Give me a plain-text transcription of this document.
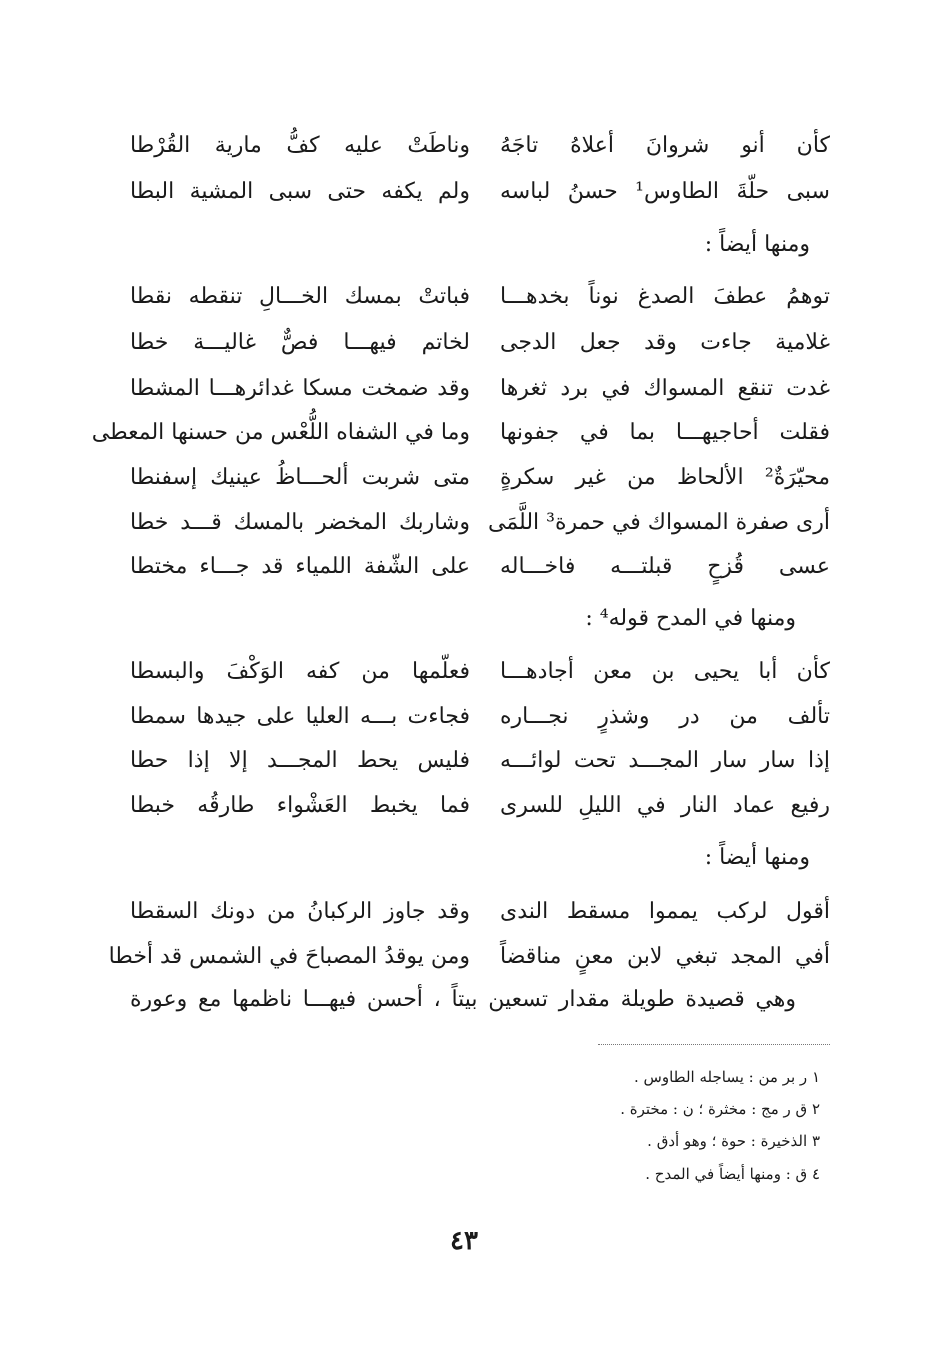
كأن أنو شروانَ أعلاهُ تاجَهُ
وناطَتْ عليه كفُّ مارية القُرْطا
سبى حلّةَ الطاوس¹ حسنُ لباسه
ولم يكفه حتى سبى المشية البطا
ومنها أيضاً :
توهمُ عطفَ الصدغ نوناً بخدهـــا
فباتتْ بمسك الخـــالِ تنقطه نقطا
غلامية جاءت وقد جعل الدجى
لخاتم فيهـــا فصٌّ غاليـــة خطا
غدت تنقع المسواك في برد ثغرها
وقد ضمخت مسكا غدائرهـــا المشطا
فقلت أحاجيهـــا بما في جفونها
وما في الشفاه اللُّعْس من حسنها المعطى
محيّرَةٌ² الألحاظ من غير سكرةٍ
متى شربت ألحـــاظُ عينيك إسفنطا
أرى صفرة المسواك في حمرة³ اللَّمَى
وشاربك المخضر بالمسك قـــد خطا
عسى قُزحٍ قبلتـــه فاخـــاله
على الشّفة اللمياء قد جـــاء مختطا
ومنها في المدح قوله⁴ :
كأن أبا يحيى بن معن أجادهـــا
فعلّمها من كفه الوَكْفَ والبسطا
تألف من در وشذرٍ نجـــاره
فجاءت بـــه العليا على جيدها سمطا
إذا سار سار المجـــد تحت لوائـــه
فليس يحط المجـــد إلا إذا حطا
رفيع عماد النار في الليلِ للسرى
فما يخبط العَشْواء طارقُه خبطا
ومنها أيضاً :
أقول لركب يمموا مسقط الندى
وقد جاوز الركبانُ من دونك السقطا
أفي المجد تبغي لابن معنٍ مناقضاً
ومن يوقدُ المصباحَ في الشمس قد أخطا
وهي قصيدة طويلة مقدار تسعين بيتاً ، أحسن فيهـــا ناظمها مع وعورة
١ ر بر من : يساجله الطاوس .
٢ ق ر مج : مخثرة ؛ ن : مخترة .
٣ الذخيرة : حوة ؛ وهو أدق .
٤ ق : ومنها أيضاً في المدح .
٤٣
